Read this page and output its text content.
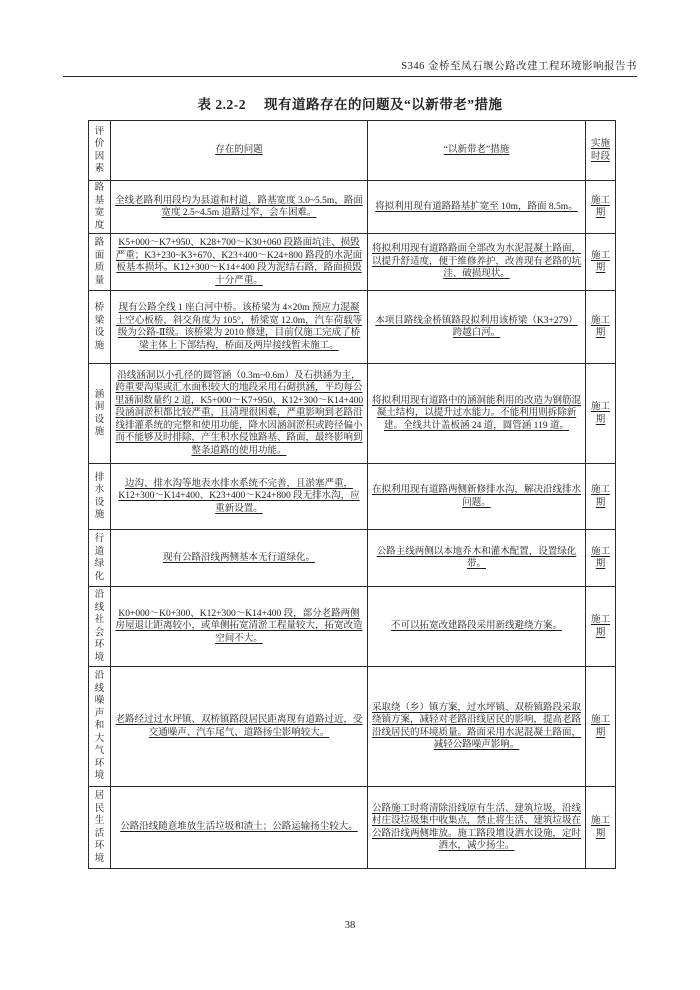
S346 金桥至凤石堰公路改建工程环境影响报告书
表 2.2-2 现有道路存在的问题及“以新带老”措施
评价因素	存在的问题	“以新带老”措施	实施时段
路基宽度	全线老路利用段均为县道和村道，路基宽度 3.0~5.5m，路面宽度 2.5~4.5m 道路过窄，会车困难。	将拟利用现有道路路基扩宽至 10m，路面 8.5m。	施工期
路面质量	K5+000～K7+950、K28+700～K30+060 段路面坑洼、损毁严重；K3+230~K3+670、K23+400～K24+800 路段的水泥面板基本损坏。K12+300～K14+400 段为泥结石路，路面损毁十分严重。	将拟利用现有道路路面全部改为水泥混凝土路面，以提升舒适度，便于维修养护，改善现有老路的坑洼、破损现状。	施工期
桥梁设施	现有公路全线 1 座白河中桥。该桥梁为 4×20m 预应力混凝土空心板桥，斜交角度为 105°，桥梁宽 12.0m，汽车荷载等级为公路-Ⅱ级。该桥梁为 2010 修建，目前仅施工完成了桥梁主体上下部结构，桥面及两岸接线暂未施工。	本项目路线金桥镇路段拟利用该桥梁（K3+279）跨越白河。	施工期
涵洞设施	沿线涵洞以小孔径的圆管涵（0.3m~0.6m）及石拱涵为主，跨重要沟渠或汇水面积较大的地段采用石砌拱涵，平均每公里涵洞数量约 2 道，K5+000～K7+950、K12+300～K14+400 段涵洞淤积都比较严重，且清理很困难，严重影响到老路沿线排灌系统的完整和使用功能，降水因涵洞淤积或跨径偏小而不能够及时排除，产生积水侵蚀路基、路面，最终影响到整条道路的使用功能。	将拟利用现有道路中的涵洞能利用的改造为钢筋混凝土结构，以提升过水能力。不能利用则拆除新建。全线共计盖板涵 24 道，圆管涵 119 道。	施工期
排水设施	边沟、排水沟等地表水排水系统不完善，且淤塞严重，K12+300～K14+400、K23+400～K24+800 段无排水沟，应重新设置。	在拟利用现有道路两侧新修排水沟，解决沿线排水问题。	施工期
行道绿化	现有公路沿线两侧基本无行道绿化。	公路主线两侧以本地乔木和灌木配置，设置绿化带。	施工期
沿线社会环境	K0+000～K0+300、K12+300～K14+400 段，部分老路两侧房屋退让距离较小，或单侧拓宽清淤工程量较大，拓宽改造空间不大。	不可以拓宽改建路段采用新线避绕方案。	施工期
沿线噪声和大气环境	老路经过过水坪镇、双桥镇路段居民距离现有道路过近，受交通噪声、汽车尾气、道路扬尘影响较大。	采取绕（乡）镇方案，过水坪镇、双桥镇路段采取绕镇方案，减轻对老路沿线居民的影响，提高老路沿线居民的环境质量。路面采用水泥混凝土路面，减轻公路噪声影响。	施工期
居民生活环境	公路沿线随意堆放生活垃圾和渣土；公路运输扬尘较大。	公路施工时将清除沿线原有生活、建筑垃圾，沿线村庄设垃圾集中收集点，禁止将生活、建筑垃圾在公路沿线两侧堆放。施工路段增设洒水设施，定时洒水，减少扬尘。	施工期
38
